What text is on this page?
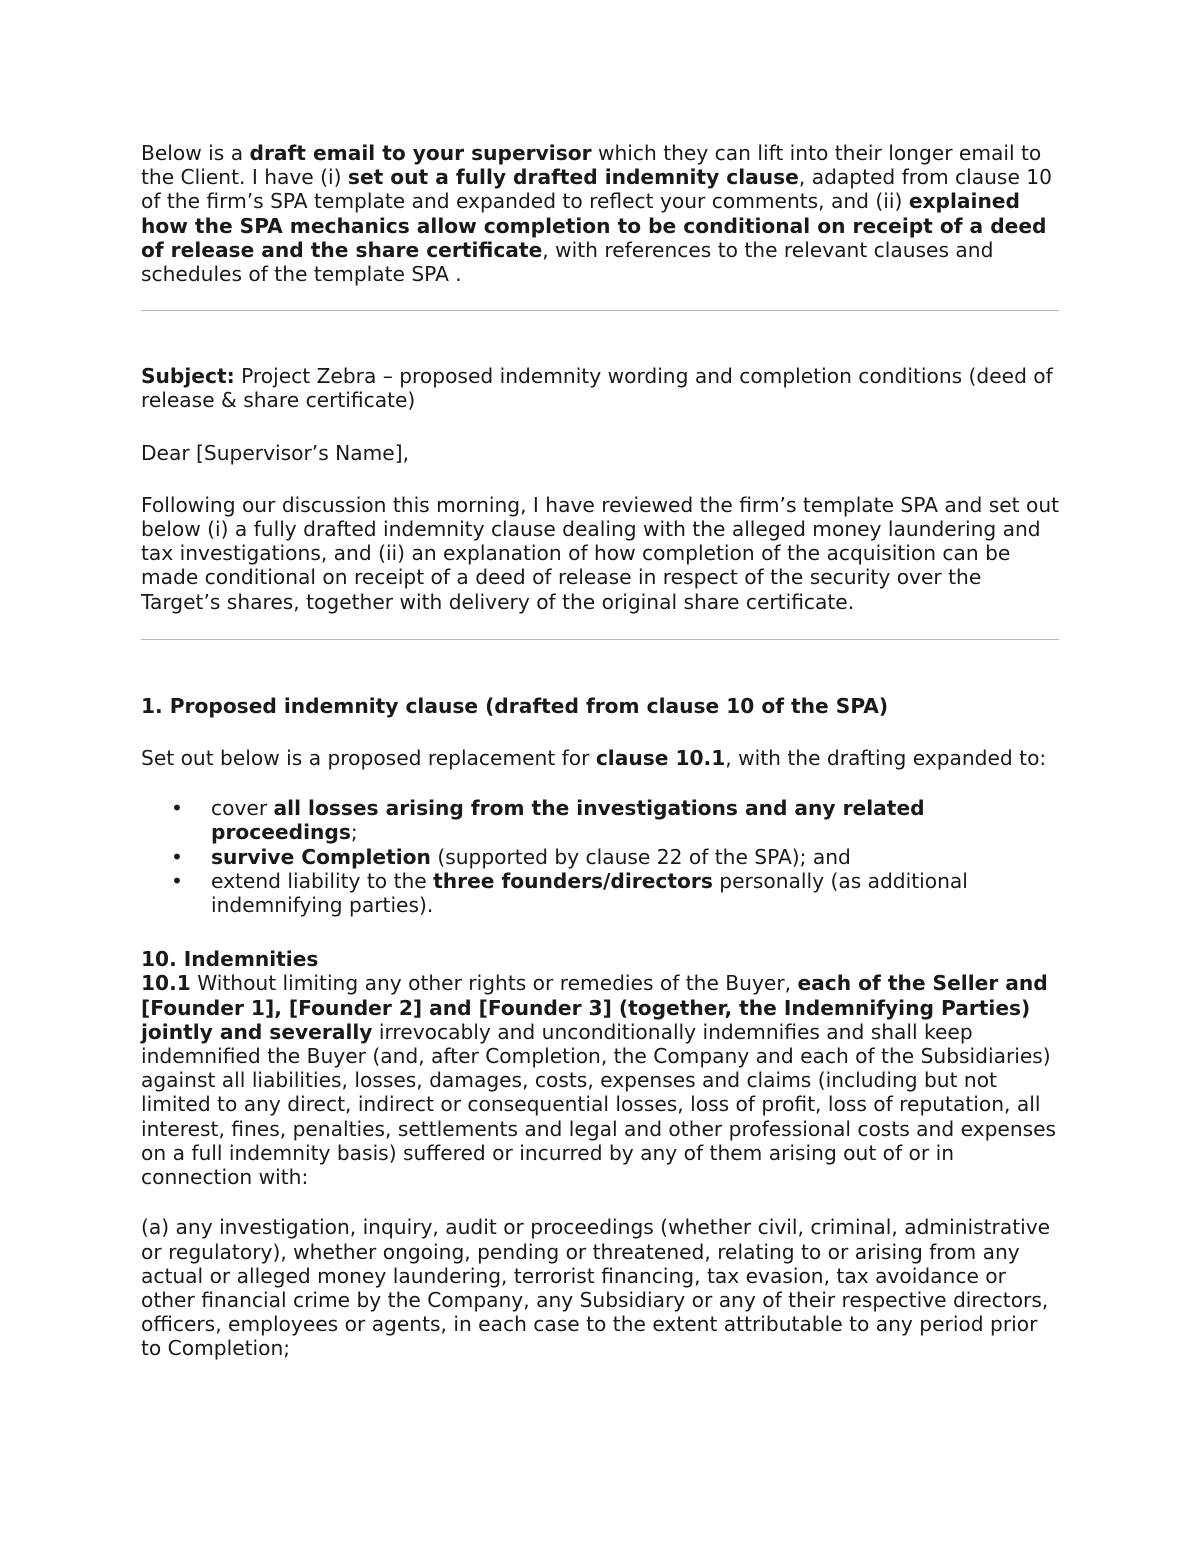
Below is a draft email to your supervisor which they can lift into their longer email to the Client. I have (i) set out a fully drafted indemnity clause, adapted from clause 10 of the firm’s SPA template and expanded to reflect your comments, and (ii) explained how the SPA mechanics allow completion to be conditional on receipt of a deed of release and the share certificate, with references to the relevant clauses and schedules of the template SPA .

Subject: Project Zebra – proposed indemnity wording and completion conditions (deed of release & share certificate)

Dear [Supervisor’s Name],

Following our discussion this morning, I have reviewed the firm’s template SPA and set out below (i) a fully drafted indemnity clause dealing with the alleged money laundering and tax investigations, and (ii) an explanation of how completion of the acquisition can be made conditional on receipt of a deed of release in respect of the security over the Target’s shares, together with delivery of the original share certificate.

1. Proposed indemnity clause (drafted from clause 10 of the SPA)

Set out below is a proposed replacement for clause 10.1, with the drafting expanded to:

• cover all losses arising from the investigations and any related proceedings;
• survive Completion (supported by clause 22 of the SPA); and
• extend liability to the three founders/directors personally (as additional indemnifying parties).

10. Indemnities

10.1 Without limiting any other rights or remedies of the Buyer, each of the Seller and [Founder 1], [Founder 2] and [Founder 3] (together, the Indemnifying Parties) jointly and severally irrevocably and unconditionally indemnifies and shall keep indemnified the Buyer (and, after Completion, the Company and each of the Subsidiaries) against all liabilities, losses, damages, costs, expenses and claims (including but not limited to any direct, indirect or consequential losses, loss of profit, loss of reputation, all interest, fines, penalties, settlements and legal and other professional costs and expenses on a full indemnity basis) suffered or incurred by any of them arising out of or in connection with:

(a) any investigation, inquiry, audit or proceedings (whether civil, criminal, administrative or regulatory), whether ongoing, pending or threatened, relating to or arising from any actual or alleged money laundering, terrorist financing, tax evasion, tax avoidance or other financial crime by the Company, any Subsidiary or any of their respective directors, officers, employees or agents, in each case to the extent attributable to any period prior to Completion;
